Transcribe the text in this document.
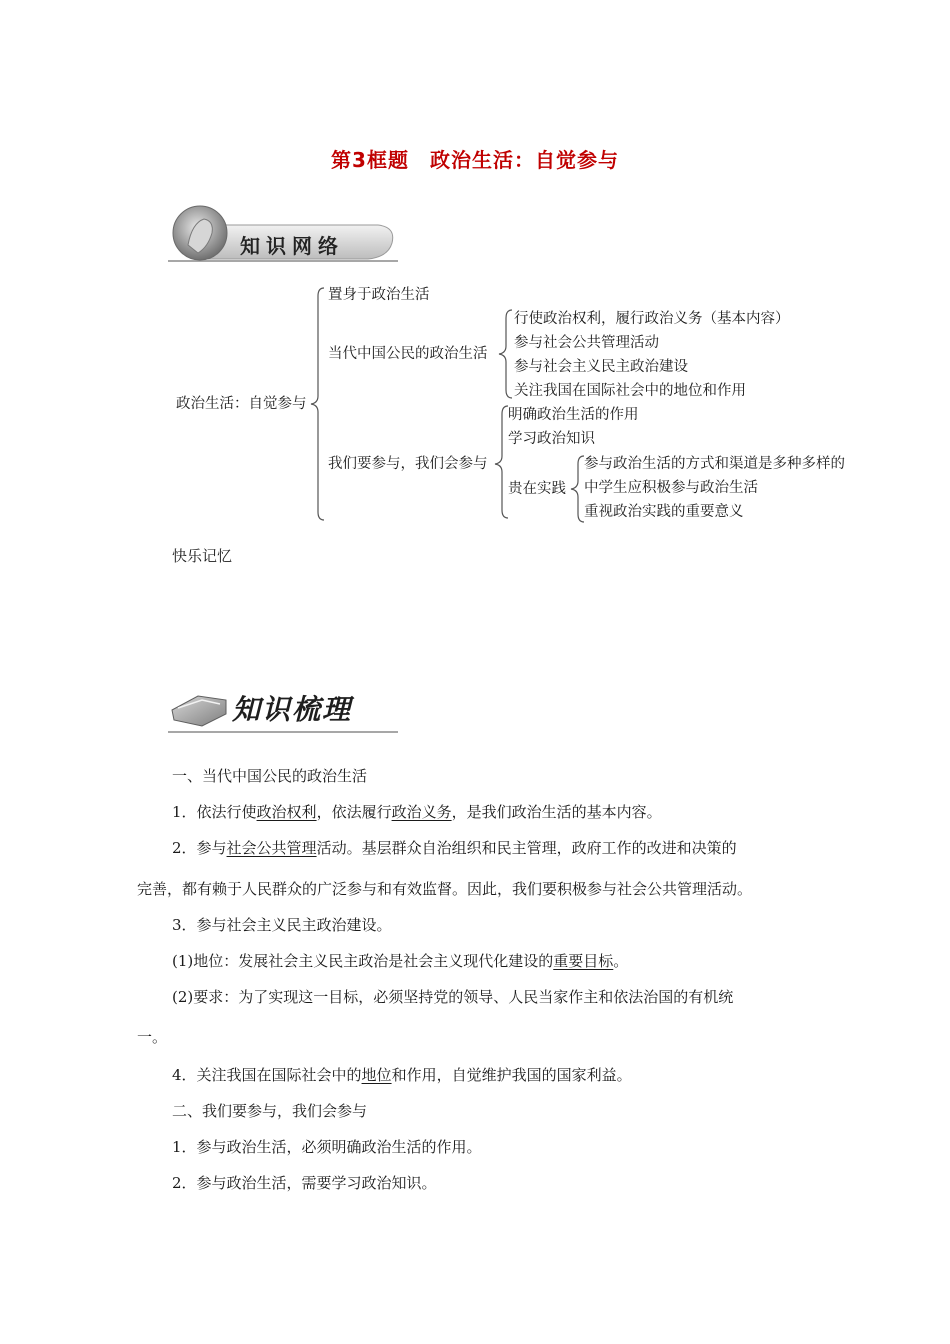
第3框题　政治生活：自觉参与
知识网络
政治生活：自觉参与
置身于政治生活
当代中国公民的政治生活
我们要参与，我们会参与
行使政治权利，履行政治义务（基本内容）
参与社会公共管理活动
参与社会主义民主政治建设
关注我国在国际社会中的地位和作用
明确政治生活的作用
学习政治知识
贵在实践
参与政治生活的方式和渠道是多种多样的
中学生应积极参与政治生活
重视政治实践的重要意义
快乐记忆
知识梳理
一、当代中国公民的政治生活
1．依法行使政治权利，依法履行政治义务，是我们政治生活的基本内容。
2．参与社会公共管理活动。基层群众自治组织和民主管理，政府工作的改进和决策的
完善，都有赖于人民群众的广泛参与和有效监督。因此，我们要积极参与社会公共管理活动。
3．参与社会主义民主政治建设。
(1)地位：发展社会主义民主政治是社会主义现代化建设的重要目标。
(2)要求：为了实现这一目标，必须坚持党的领导、人民当家作主和依法治国的有机统
一。
4．关注我国在国际社会中的地位和作用，自觉维护我国的国家利益。
二、我们要参与，我们会参与
1．参与政治生活，必须明确政治生活的作用。
2．参与政治生活，需要学习政治知识。
